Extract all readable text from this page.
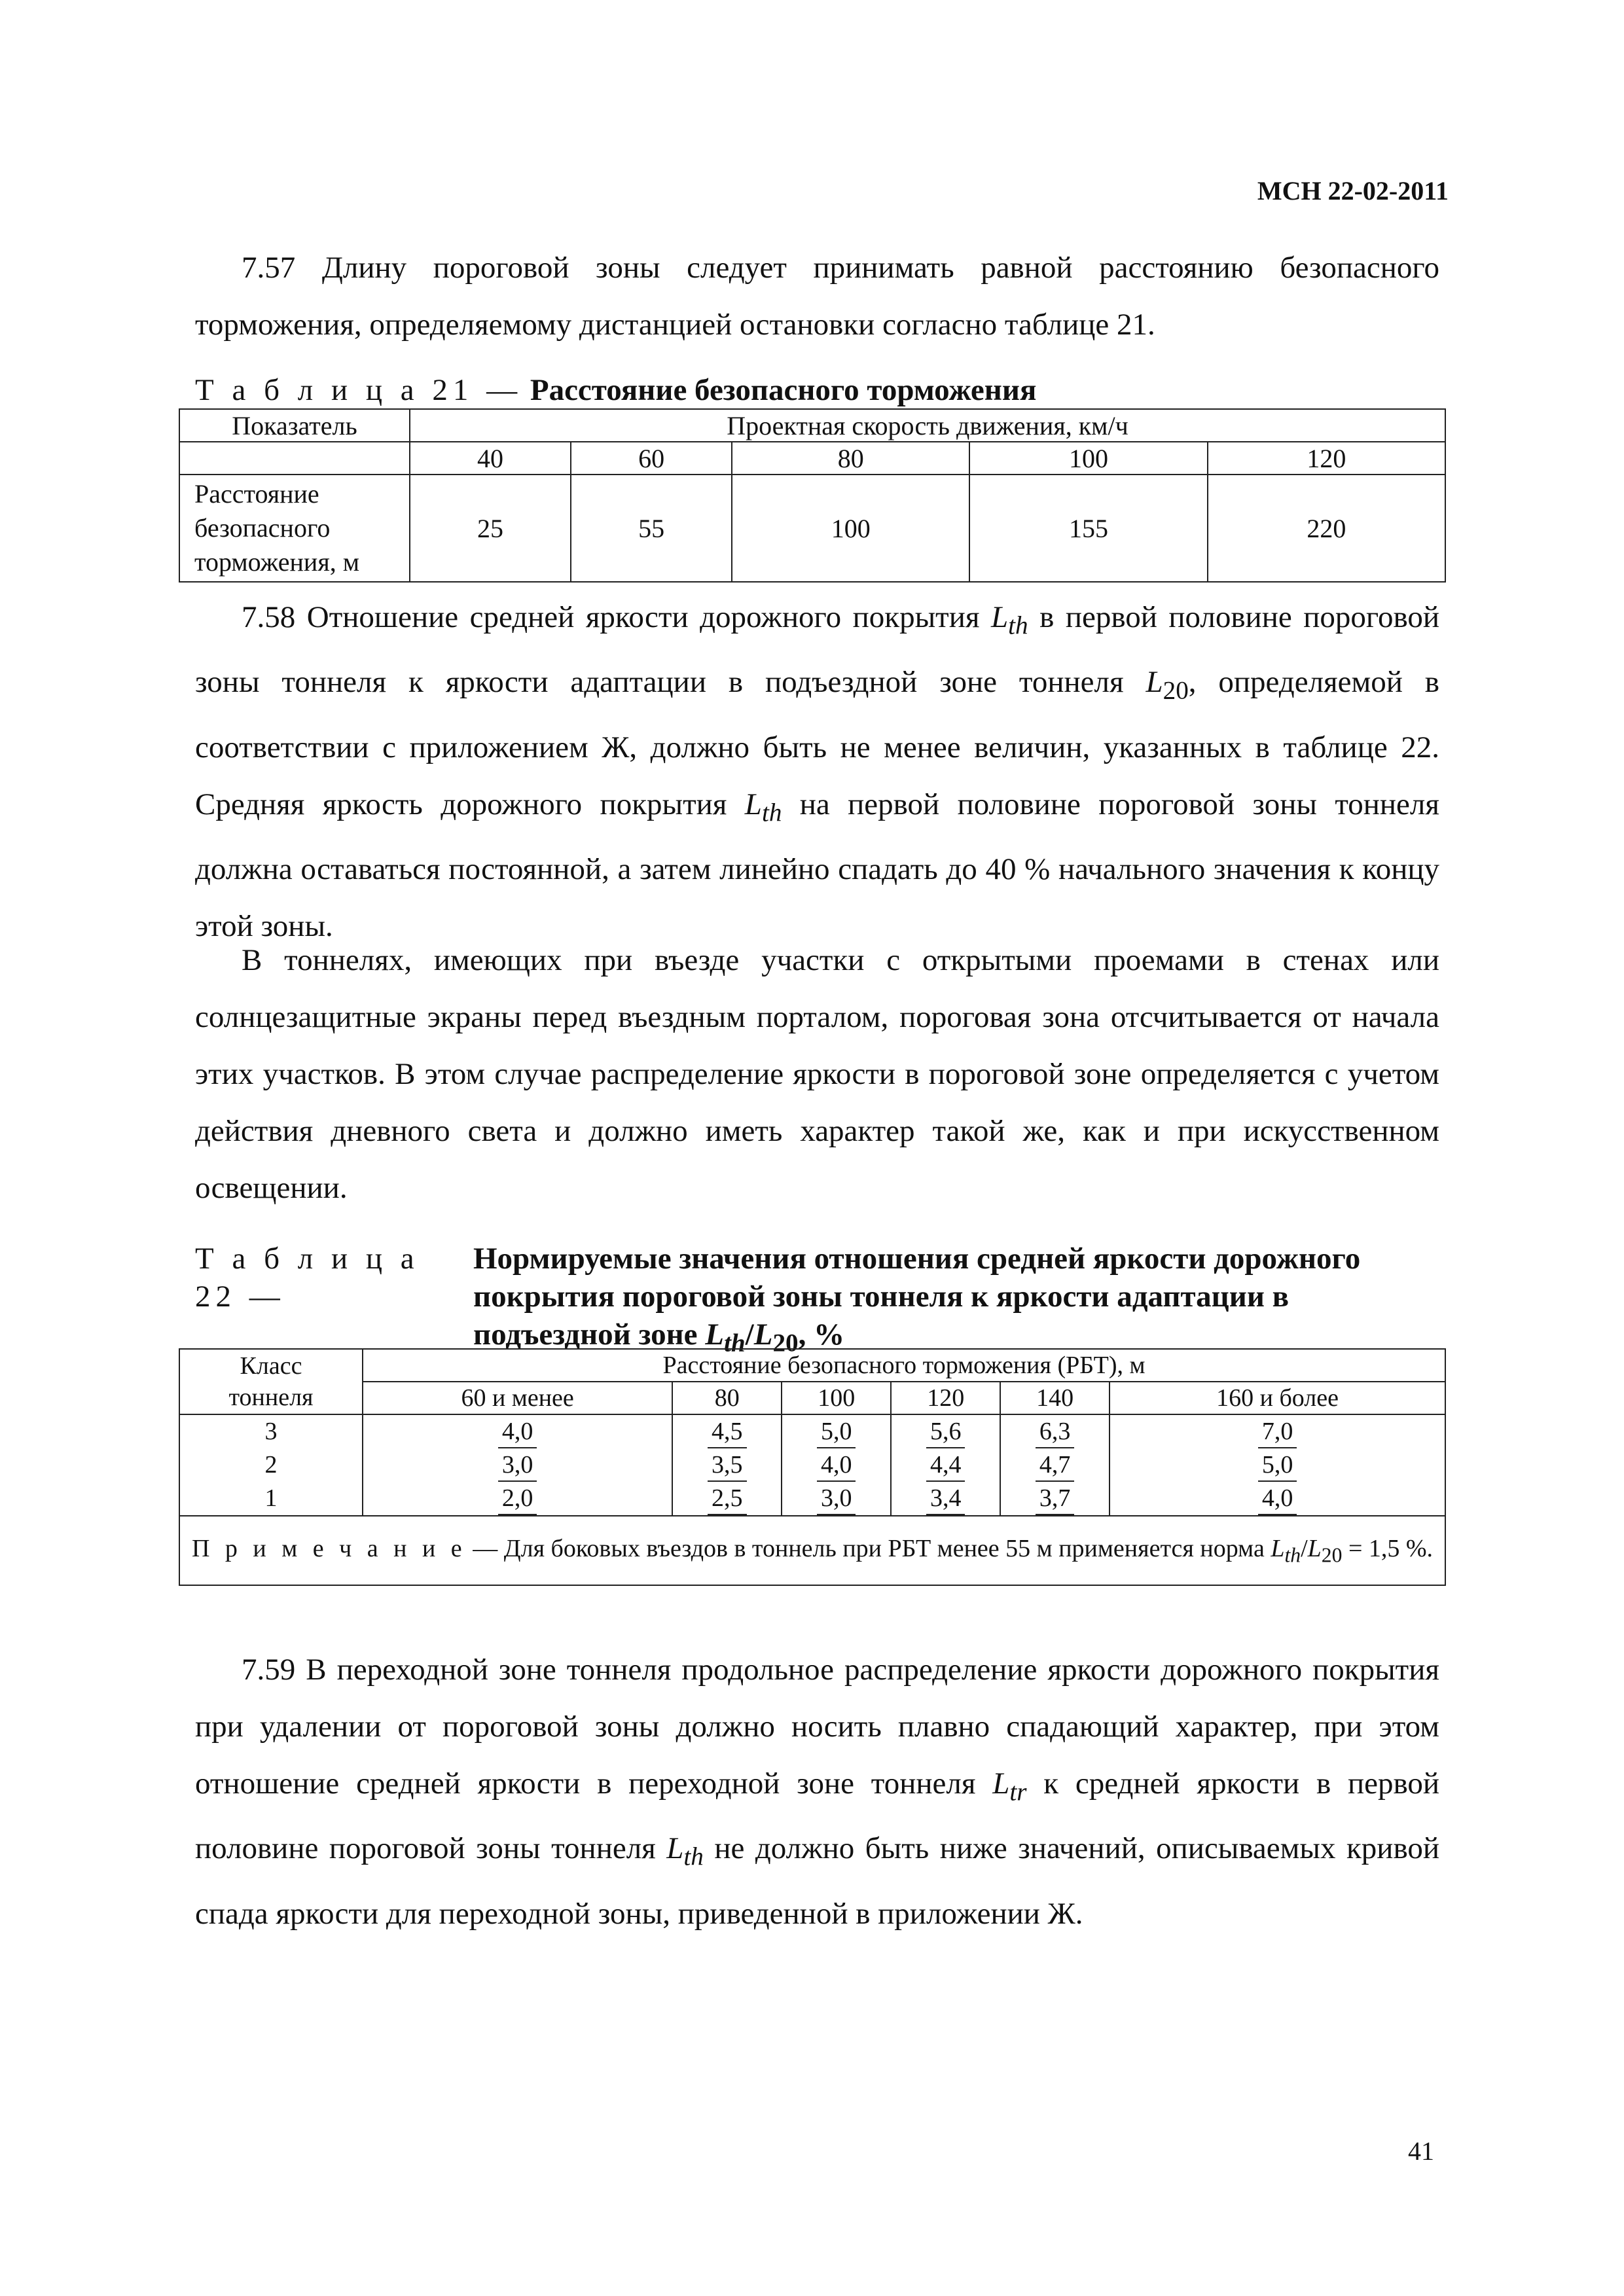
МСН 22-02-2011

7.57 Длину пороговой зоны следует принимать равной расстоянию безопасного торможения, определяемому дистанцией остановки согласно таблице 21.

Т а б л и ц а 21 — Расстояние безопасного торможения
Показатель	Проектная скорость движения, км/ч				
	40	60	80	100	120

Расстояние
безопасного
торможения, м	25	55	100	155	220

7.58 Отношение средней яркости дорожного покрытия $L_{th}$ в первой половине пороговой зоны тоннеля к яркости адаптации в подъездной зоне тоннеля $L_{20}$, определяемой в соответствии с приложением Ж, должно быть не менее величин, указанных в таблице 22. Средняя яркость дорожного покрытия $L_{th}$ на первой половине пороговой зоны тоннеля должна оставаться постоянной, а затем линейно спадать до 40 % начального значения к концу этой зоны.

В тоннелях, имеющих при въезде участки с открытыми проемами в стенах или солнцезащитные экраны перед въездным порталом, пороговая зона отсчитывается от начала этих участков. В этом случае распределение яркости в пороговой зоне определяется с учетом действия дневного света и должно иметь характер такой же, как и при искусственном освещении.

Т а б л и ц а 22 —Нормируемые значения отношения средней яркости дорожного покрытия пороговой зоны тоннеля к яркости адаптации в подъездной зоне $L_{th}/L_{20}$, %
Класс
тоннеля	Расстояние безопасного торможения (РБТ), м					
	60 и менее	80	100	120	140	160 и более
3	4,0	4,5	5,0	5,6	6,3	7,0
2	3,0	3,5	4,0	4,4	4,7	5,0
1	2,0	2,5	3,0	3,4	3,7	4,0
П р и м е ч а н и е — Для боковых въездов в тоннель при РБТ менее 55 м применяется норма $L_{th}/L_{20} = 1,5$ %.						

7.59 В переходной зоне тоннеля продольное распределение яркости дорожного покрытия при удалении от пороговой зоны должно носить плавно спадающий характер, при этом отношение средней яркости в переходной зоне тоннеля $L_{tr}$ к средней яркости в первой половине пороговой зоны тоннеля $L_{th}$ не должно быть ниже значений, описываемых кривой спада яркости для переходной зоны, приведенной в приложении Ж.

41
